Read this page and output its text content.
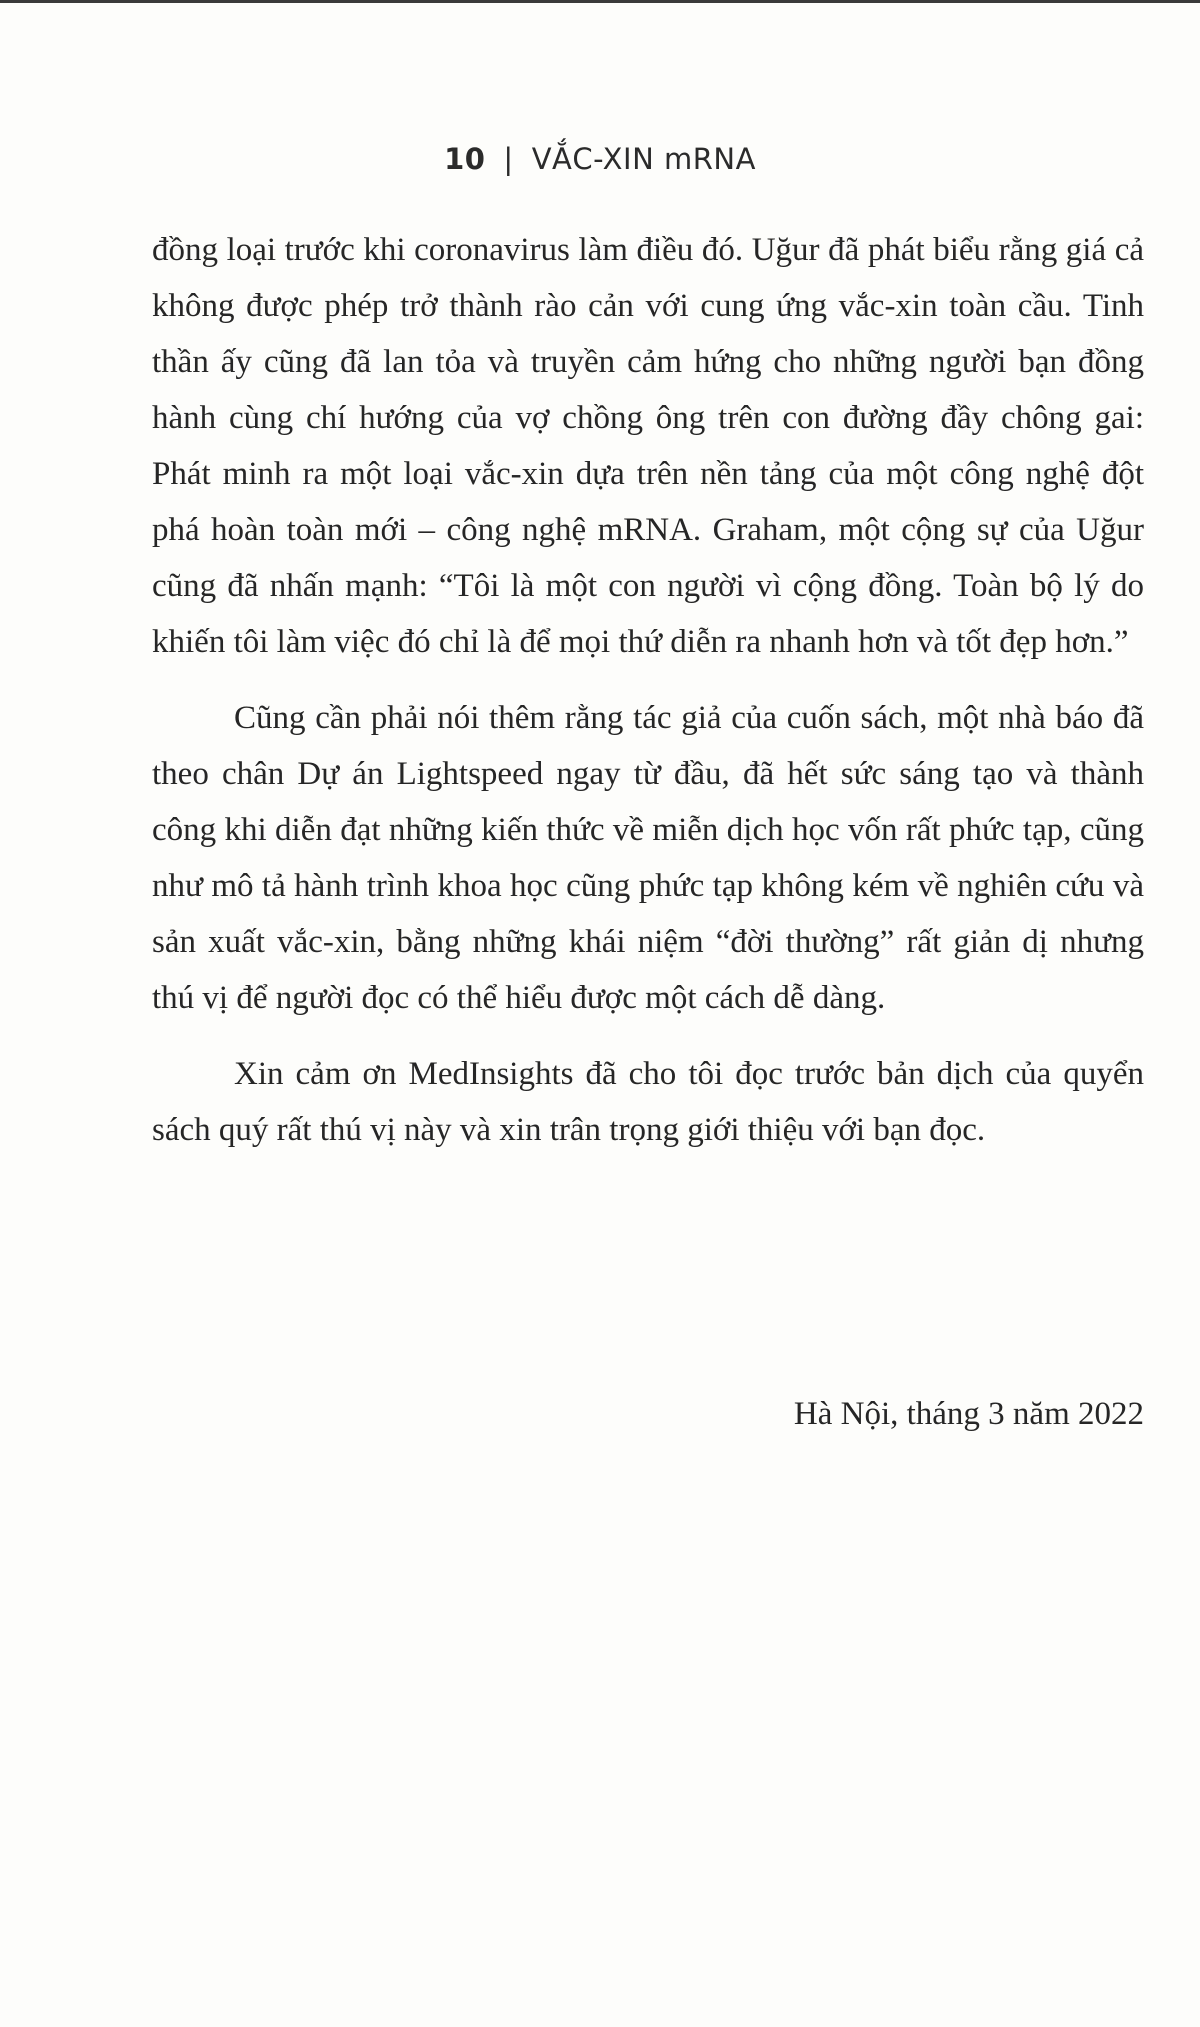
10 | VẮC-XIN mRNA

đồng loại trước khi coronavirus làm điều đó. Uğur đã phát biểu rằng giá cả không được phép trở thành rào cản với cung ứng vắc-xin toàn cầu. Tinh thần ấy cũng đã lan tỏa và truyền cảm hứng cho những người bạn đồng hành cùng chí hướng của vợ chồng ông trên con đường đầy chông gai: Phát minh ra một loại vắc-xin dựa trên nền tảng của một công nghệ đột phá hoàn toàn mới – công nghệ mRNA. Graham, một cộng sự của Uğur cũng đã nhấn mạnh: “Tôi là một con người vì cộng đồng. Toàn bộ lý do khiến tôi làm việc đó chỉ là để mọi thứ diễn ra nhanh hơn và tốt đẹp hơn.”

Cũng cần phải nói thêm rằng tác giả của cuốn sách, một nhà báo đã theo chân Dự án Lightspeed ngay từ đầu, đã hết sức sáng tạo và thành công khi diễn đạt những kiến thức về miễn dịch học vốn rất phức tạp, cũng như mô tả hành trình khoa học cũng phức tạp không kém về nghiên cứu và sản xuất vắc-xin, bằng những khái niệm “đời thường” rất giản dị nhưng thú vị để người đọc có thể hiểu được một cách dễ dàng.

Xin cảm ơn MedInsights đã cho tôi đọc trước bản dịch của quyển sách quý rất thú vị này và xin trân trọng giới thiệu với bạn đọc.

Hà Nội, tháng 3 năm 2022
